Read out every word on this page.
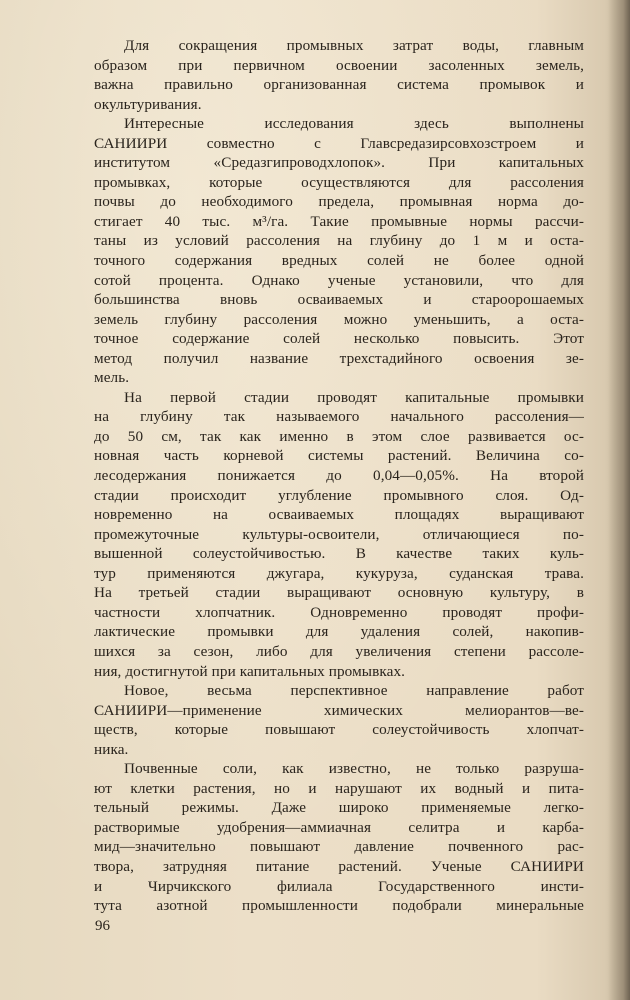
Для сокращения промывных затрат воды, главным
образом при первичном освоении засоленных земель,
важна правильно организованная система промывок и
окультуривания.
Интересные исследования здесь выполнены
САНИИРИ совместно с Главсредазирсовхозстроем и
институтом «Средазгипроводхлопок». При капитальных
промывках, которые осуществляются для рассоления
почвы до необходимого предела, промывная норма до-
стигает 40 тыс. м³/га. Такие промывные нормы рассчи-
таны из условий рассоления на глубину до 1 м и оста-
точного содержания вредных солей не более одной
сотой процента. Однако ученые установили, что для
большинства вновь осваиваемых и староорошаемых
земель глубину рассоления можно уменьшить, а оста-
точное содержание солей несколько повысить. Этот
метод получил название трехстадийного освоения зе-
мель.
На первой стадии проводят капитальные промывки
на глубину так называемого начального рассоления—
до 50 см, так как именно в этом слое развивается ос-
новная часть корневой системы растений. Величина со-
лесодержания понижается до 0,04—0,05%. На второй
стадии происходит углубление промывного слоя. Од-
новременно на осваиваемых площадях выращивают
промежуточные культуры-освоители, отличающиеся по-
вышенной солеустойчивостью. В качестве таких куль-
тур применяются джугара, кукуруза, суданская трава.
На третьей стадии выращивают основную культуру, в
частности хлопчатник. Одновременно проводят профи-
лактические промывки для удаления солей, накопив-
шихся за сезон, либо для увеличения степени рассоле-
ния, достигнутой при капитальных промывках.
Новое, весьма перспективное направление работ
САНИИРИ—применение химических мелиорантов—ве-
ществ, которые повышают солеустойчивость хлопчат-
ника.
Почвенные соли, как известно, не только разруша-
ют клетки растения, но и нарушают их водный и пита-
тельный режимы. Даже широко применяемые легко-
растворимые удобрения—аммиачная селитра и карба-
мид—значительно повышают давление почвенного рас-
твора, затрудняя питание растений. Ученые САНИИРИ
и Чирчикского филиала Государственного инсти-
тута азотной промышленности подобрали минеральные
96
